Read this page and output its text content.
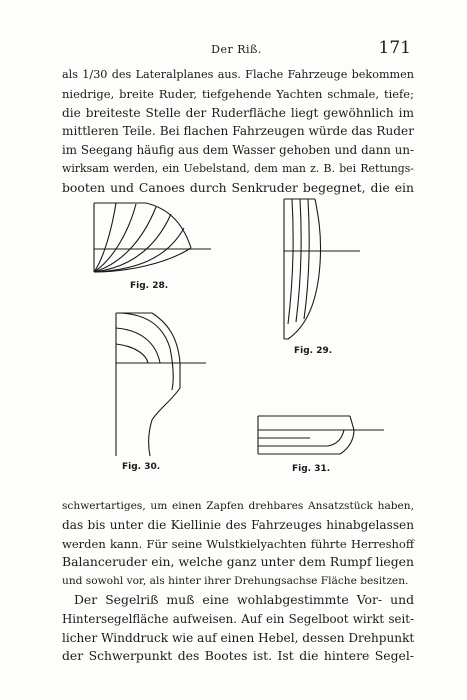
Der Riß.	171
als 1/30 des Lateralplanes aus. Flache Fahrzeuge bekommen
niedrige, breite Ruder, tiefgehende Yachten schmale, tiefe;
die breiteste Stelle der Ruderfläche liegt gewöhnlich im
mittleren Teile. Bei flachen Fahrzeugen würde das Ruder
im Seegang häufig aus dem Wasser gehoben und dann un-
wirksam werden, ein Uebelstand, dem man z. B. bei Rettungs-
booten und Canoes durch Senkruder begegnet, die ein
Fig. 28.
Fig. 29.
Fig. 30.	Fig. 31.
schwertartiges, um einen Zapfen drehbares Ansatzstück haben,
das bis unter die Kiellinie des Fahrzeuges hinabgelassen
werden kann. Für seine Wulstkielyachten führte Herreshoff
Balanceruder ein, welche ganz unter dem Rumpf liegen
und sowohl vor, als hinter ihrer Drehungsachse Fläche besitzen.
Der Segelriß muß eine wohlabgestimmte Vor- und
Hintersegelfläche aufweisen. Auf ein Segelboot wirkt seit-
licher Winddruck wie auf einen Hebel, dessen Drehpunkt
der Schwerpunkt des Bootes ist. Ist die hintere Segel-
